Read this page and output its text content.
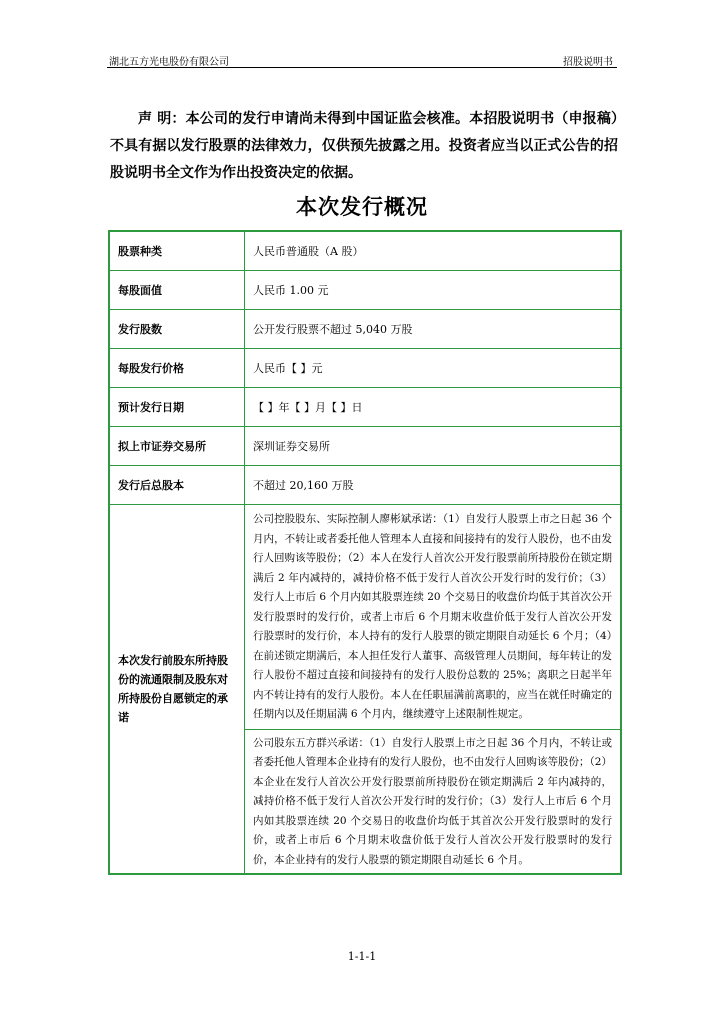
湖北五方光电股份有限公司	招股说明书

声 明：本公司的发行申请尚未得到中国证监会核准。本招股说明书（申报稿）不具有据以发行股票的法律效力，仅供预先披露之用。投资者应当以正式公告的招股说明书全文作为作出投资决定的依据。

本次发行概况
股票种类	人民币普通股（A 股）
每股面值	人民币 1.00 元
发行股数	公开发行股票不超过 5,040 万股
每股发行价格	人民币【 】元
预计发行日期	【 】年【 】月【 】日
拟上市证券交易所	深圳证券交易所
发行后总股本	不超过 20,160 万股
本次发行前股东所持股份的流通限制及股东对所持股份自愿锁定的承诺	公司控股股东、实际控制人廖彬斌承诺：（1）自发行人股票上市之日起 36 个月内，不转让或者委托他人管理本人直接和间接持有的发行人股份，也不由发行人回购该等股份；（2）本人在发行人首次公开发行股票前所持股份在锁定期满后 2 年内减持的，减持价格不低于发行人首次公开发行时的发行价；（3）发行人上市后 6 个月内如其股票连续 20 个交易日的收盘价均低于其首次公开发行股票时的发行价，或者上市后 6 个月期末收盘价低于发行人首次公开发行股票时的发行价，本人持有的发行人股票的锁定期限自动延长 6 个月；（4）在前述锁定期满后，本人担任发行人董事、高级管理人员期间，每年转让的发行人股份不超过直接和间接持有的发行人股份总数的 25%；离职之日起半年内不转让持有的发行人股份。本人在任职届满前离职的，应当在就任时确定的任期内以及任期届满 6 个月内，继续遵守上述限制性规定。

公司股东五方群兴承诺：（1）自发行人股票上市之日起 36 个月内，不转让或者委托他人管理本企业持有的发行人股份，也不由发行人回购该等股份；（2）本企业在发行人首次公开发行股票前所持股份在锁定期满后 2 年内减持的，减持价格不低于发行人首次公开发行时的发行价；（3）发行人上市后 6 个月内如其股票连续 20 个交易日的收盘价均低于其首次公开发行股票时的发行价，或者上市后 6 个月期末收盘价低于发行人首次公开发行股票时的发行价，本企业持有的发行人股票的锁定期限自动延长 6 个月。

1-1-1
